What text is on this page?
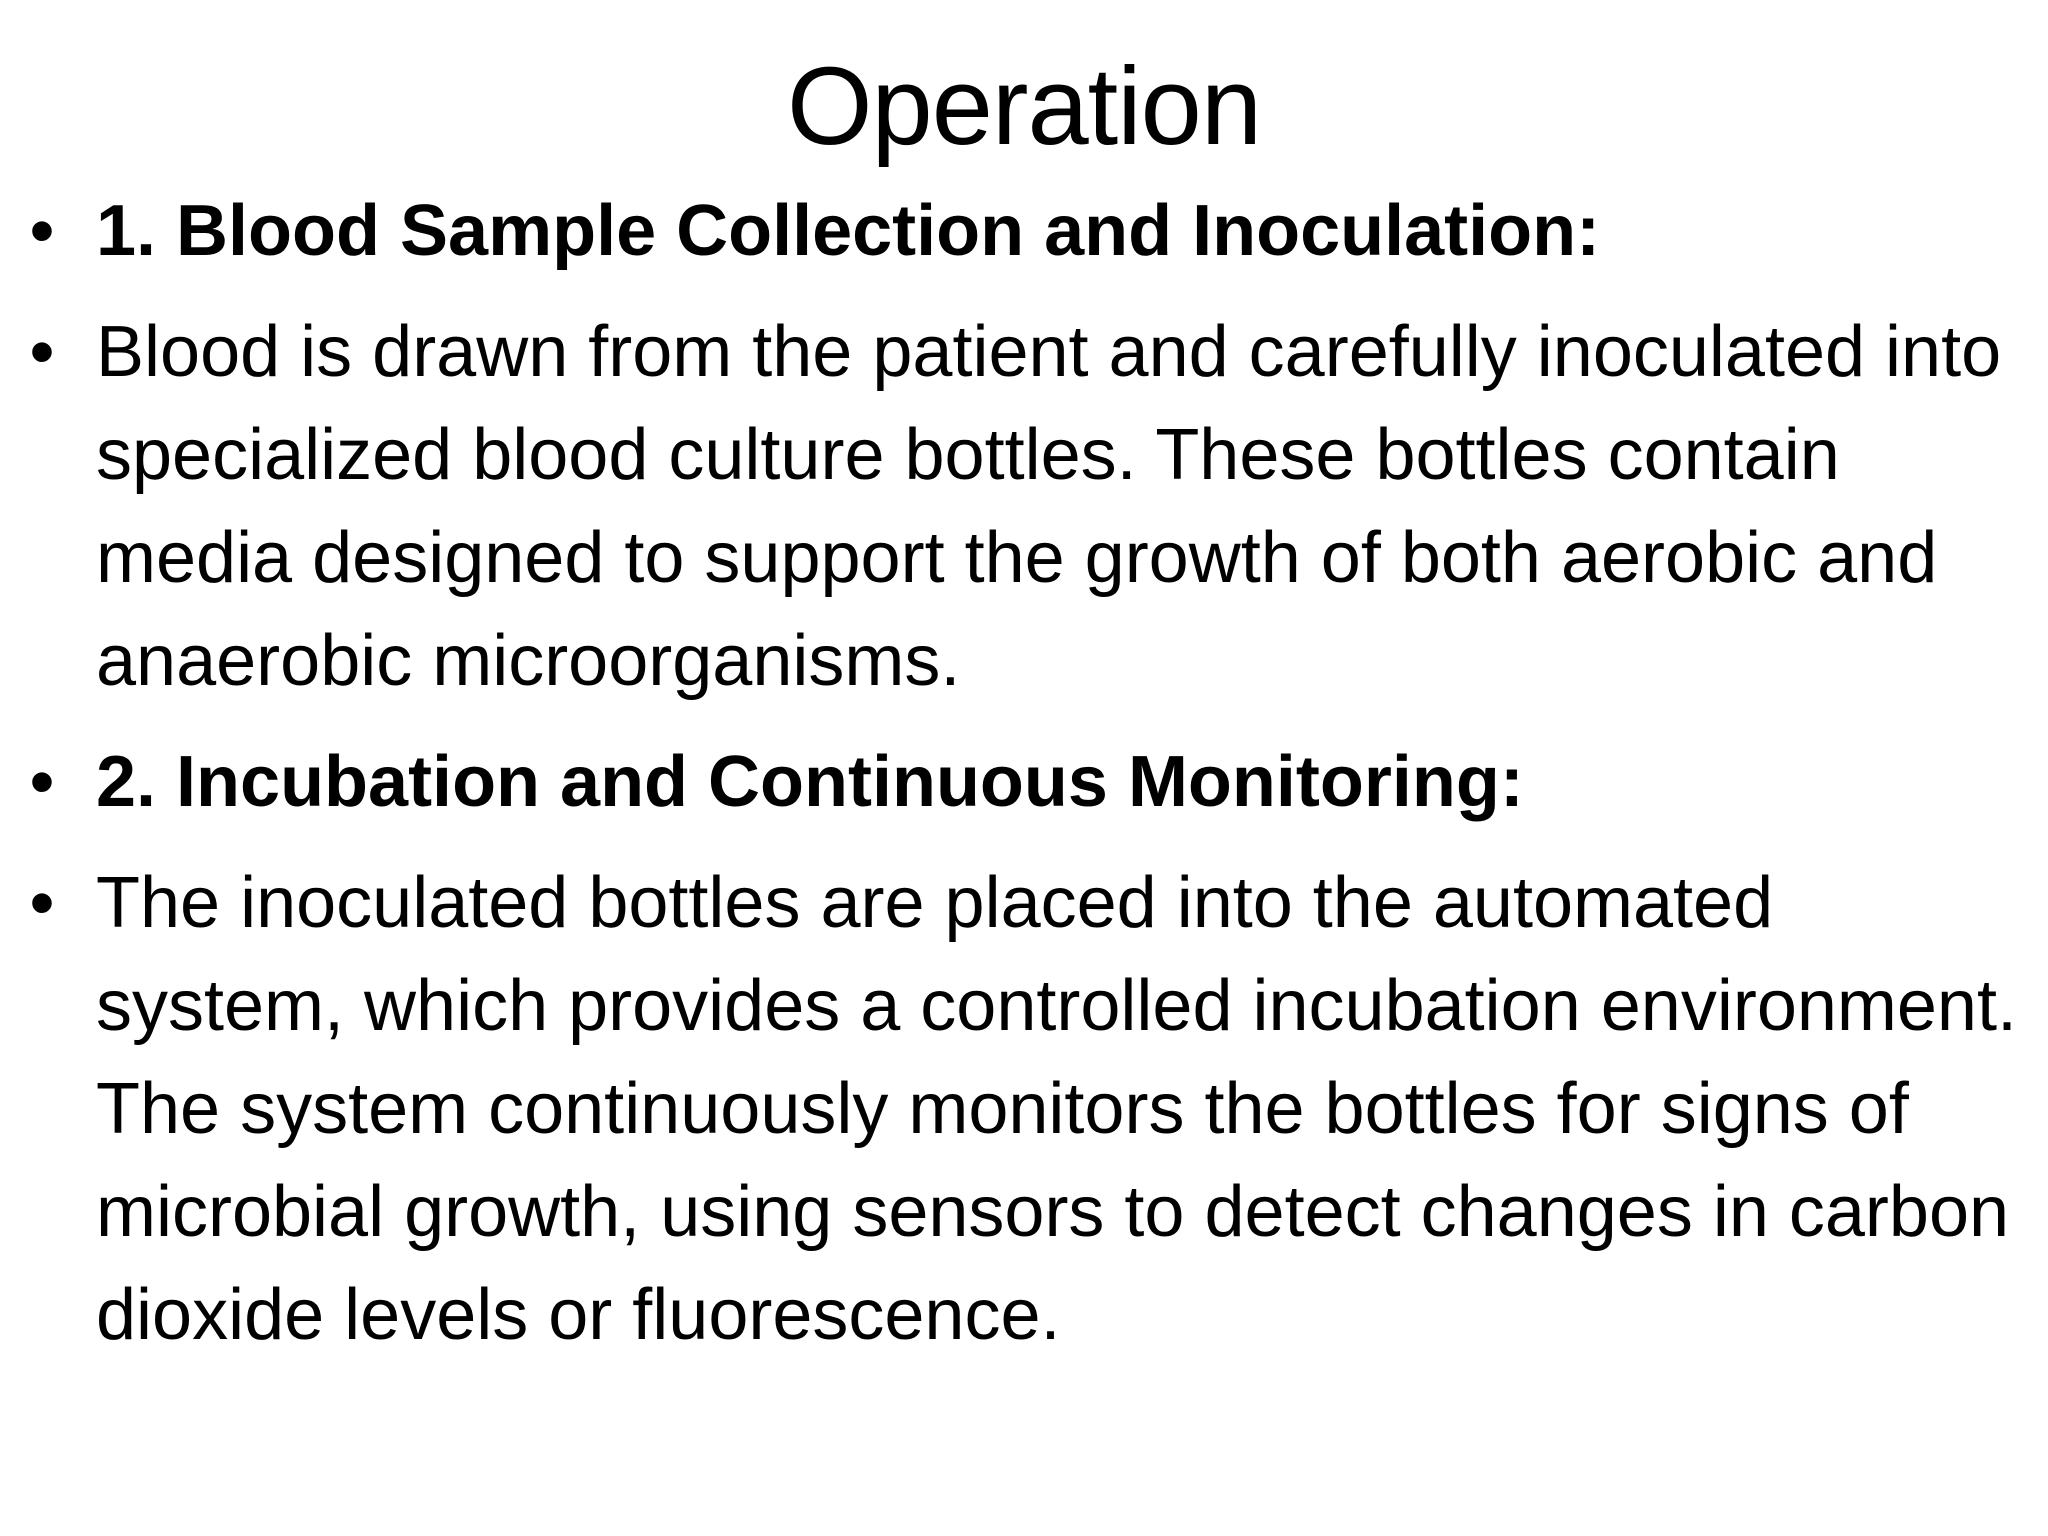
Operation
• 1. Blood Sample Collection and Inoculation:
• Blood is drawn from the patient and carefully inoculated into specialized blood culture bottles. These bottles contain media designed to support the growth of both aerobic and anaerobic microorganisms.
• 2. Incubation and Continuous Monitoring:
• The inoculated bottles are placed into the automated system, which provides a controlled incubation environment. The system continuously monitors the bottles for signs of microbial growth, using sensors to detect changes in carbon dioxide levels or fluorescence.
